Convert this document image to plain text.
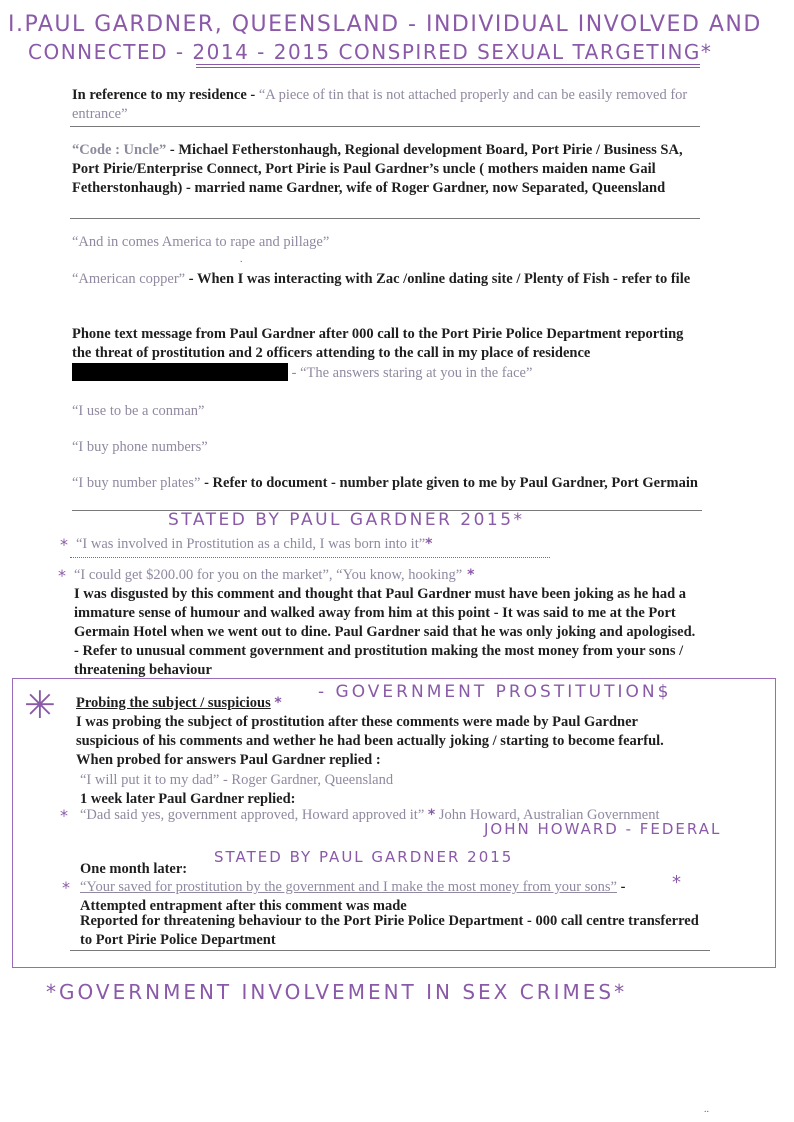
I.PAUL GARDNER, QUEENSLAND - INDIVIDUAL INVOLVED AND
CONNECTED - 2014 - 2015 CONSPIRED SEXUAL TARGETING*
In reference to my residence - “A piece of tin that is not attached properly and can be easily removed for entrance”
“Code : Uncle” - Michael Fetherstonhaugh, Regional development Board, Port Pirie / Business SA, Port Pirie/Enterprise Connect, Port Pirie is Paul Gardner’s uncle ( mothers maiden name Gail Fetherstonhaugh) - married name Gardner, wife of Roger Gardner, now Separated, Queensland
“And in comes America to rape and pillage”
.
“American copper” - When I was interacting with Zac /online dating site / Plenty of Fish - refer to file
Phone text message from Paul Gardner after 000 call to the Port Pirie Police Department reporting the threat of prostitution and 2 officers attending to the call in my place of residence  - “The answers staring at you in the face”
“I use to be a conman”
“I buy phone numbers”
“I buy number plates” - Refer to document - number plate given to me by Paul Gardner, Port Germain
STATED BY PAUL GARDNER 2015*
* “I was involved in Prostitution as a child, I was born into it”*
* “I could get $200.00 for you on the market”, “You know, hooking” *
I was disgusted by this comment and thought that Paul Gardner must have been joking as he had a immature sense of humour and walked away from him at this point - It was said to me at the Port Germain Hotel when we went out to dine. Paul Gardner said that he was only joking and apologised. - Refer to unusual comment government and prostitution making the most money from your sons / threatening behaviour
✳ Probing the subject / suspicious *
- GOVERNMENT PROSTITUTION$
I was probing the subject of prostitution after these comments were made by Paul Gardner suspicious of his comments and wether he had been actually joking / starting to become fearful. When probed for answers Paul Gardner replied :
“I will put it to my dad” - Roger Gardner, Queensland
1 week later Paul Gardner replied:
* “Dad said yes, government approved, Howard approved it” * John Howard, Australian Government
JOHN HOWARD - FEDERAL
One month later:
STATED BY PAUL GARDNER 2015
* “Your saved for prostitution by the government and I make the most money from your sons” - Attempted entrapment after this comment was made
*
Reported for threatening behaviour to the Port Pirie Police Department - 000 call centre transferred to Port Pirie Police Department
*GOVERNMENT INVOLVEMENT IN SEX CRIMES*
..
